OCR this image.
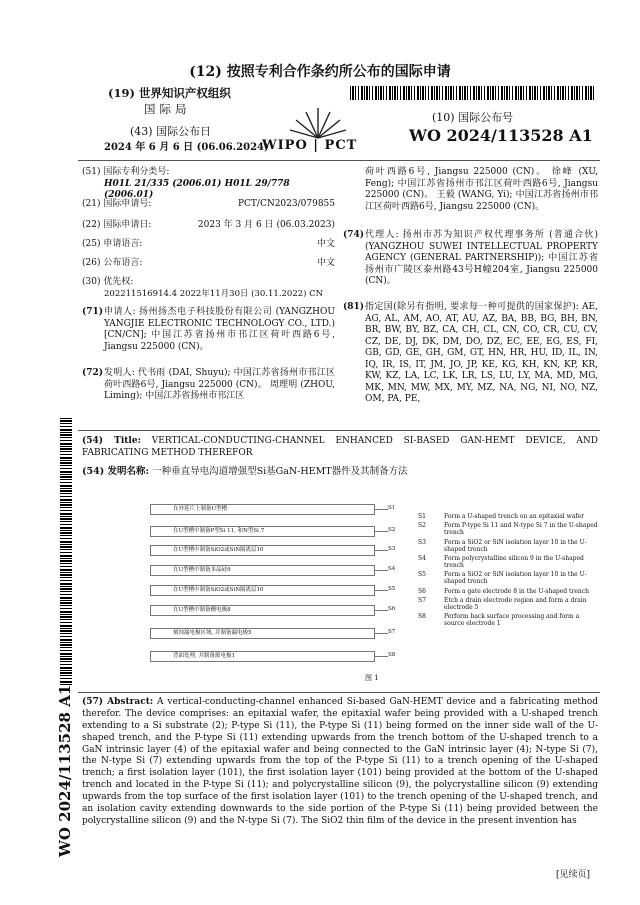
(12) 按照专利合作条约所公布的国际申请
(19) 世界知识产权组织
国际局
(43) 国际公布日
2024 年 6 月 6 日 (06.06.2024)
(10) 国际公布号
WO 2024/113528 A1
WIPO | PCT
(51) 国际专利分类号:
H01L 21/335 (2006.01) H01L 29/778 (2006.01)
(21) 国际申请号:	PCT/CN2023/079855
(22) 国际申请日:	2023 年 3 月 6 日 (06.03.2023)
(25) 申请语言:	中文
(26) 公布语言:	中文
(30) 优先权:
202211516914.4 2022年11月30日 (30.11.2022) CN
(71) 申请人: 扬州扬杰电子科技股份有限公司 (YANGZHOU YANGJIE ELECTRONIC TECHNOLOGY CO., LTD.) [CN/CN]; 中国江苏省扬州市邗江区荷叶西路6号, Jiangsu 225000 (CN)。
(72) 发明人: 代书雨 (DAI, Shuyu); 中国江苏省扬州市邗江区荷叶西路6号, Jiangsu 225000 (CN)。 周理明 (ZHOU, Liming); 中国江苏省扬州市邗江区
荷叶西路6号, Jiangsu 225000 (CN)。 徐峰 (XU, Feng); 中国江苏省扬州市邗江区荷叶西路6号, Jiangsu 225000 (CN)。 王毅 (WANG, Yi); 中国江苏省扬州市邗江区荷叶西路6号, Jiangsu 225000 (CN)。
(74) 代理人: 扬州市苏为知识产权代理事务所 (普通合伙) (YANGZHOU SUWEI INTELLECTUAL PROPERTY AGENCY (GENERAL PARTNERSHIP)); 中国江苏省扬州市广陵区泰州路43号H幢204室, Jiangsu 225000 (CN)。
(81) 指定国(除另有指明, 要求每一种可提供的国家保护): AE, AG, AL, AM, AO, AT, AU, AZ, BA, BB, BG, BH, BN, BR, BW, BY, BZ, CA, CH, CL, CN, CO, CR, CU, CV, CZ, DE, DJ, DK, DM, DO, DZ, EC, EE, EG, ES, FI, GB, GD, GE, GH, GM, GT, HN, HR, HU, ID, IL, IN, IQ, IR, IS, IT, JM, JO, JP, KE, KG, KH, KN, KP, KR, KW, KZ, LA, LC, LK, LR, LS, LU, LY, MA, MD, MG, MK, MN, MW, MX, MY, MZ, NA, NG, NI, NO, NZ, OM, PA, PE,
(54) Title: VERTICAL-CONDUCTING-CHANNEL ENHANCED SI-BASED GAN-HEMT DEVICE, AND FABRICATING METHOD THEREFOR
(54) 发明名称: 一种垂直导电沟道增强型Si基GaN-HEMT器件及其制备方法
在外延片上制备U型槽	S1
在U型槽中制备P型Si 11, 和N型Si 7	S2
在U型槽中制备SiO2或SiN隔离层10	S3
在U型槽中制备多晶硅9	S4
在U型槽中制备SiO2或SiN隔离层10	S5
在U型槽中制备栅电极8	S6
刻蚀漏电极区域, 并制备漏电极5	S7
背面处理, 并制备源电极1	S8
图 1
S1	Form a U-shaped trench on an epitaxial wafer
S2	Form P-type Si 11 and N-type Si 7 in the U-shaped trench
S3	Form a SiO2 or SiN isolation layer 10 in the U-shaped trench
S4	Form polycrystalline silicon 9 in the U-shaped trench
S5	Form a SiO2 or SiN isolation layer 10 in the U-shaped trench
S6	Form a gate electrode 8 in the U-shaped trench
S7	Etch a drain electrode region and form a drain electrode 5
S8	Perform back surface processing and form a source electrode 1
(57) Abstract: A vertical-conducting-channel enhanced Si-based GaN-HEMT device and a fabricating method therefor. The device comprises: an epitaxial wafer, the epitaxial wafer being provided with a U-shaped trench extending to a Si substrate (2); P-type Si (11), the P-type Si (11) being formed on the inner side wall of the U-shaped trench, and the P-type Si (11) extending upwards from the trench bottom of the U-shaped trench to a GaN intrinsic layer (4) of the epitaxial wafer and being connected to the GaN intrinsic layer (4); N-type Si (7), the N-type Si (7) extending upwards from the top of the P-type Si (11) to a trench opening of the U-shaped trench; a first isolation layer (101), the first isolation layer (101) being provided at the bottom of the U-shaped trench and located in the P-type Si (11); and polycrystalline silicon (9), the polycrystalline silicon (9) extending upwards from the top surface of the first isolation layer (101) to the trench opening of the U-shaped trench, and an isolation cavity extending downwards to the side portion of the P-type Si (11) being provided between the polycrystalline silicon (9) and the N-type Si (7). The SiO2 thin film of the device in the present invention has
WO 2024/113528 A1
[见续页]
